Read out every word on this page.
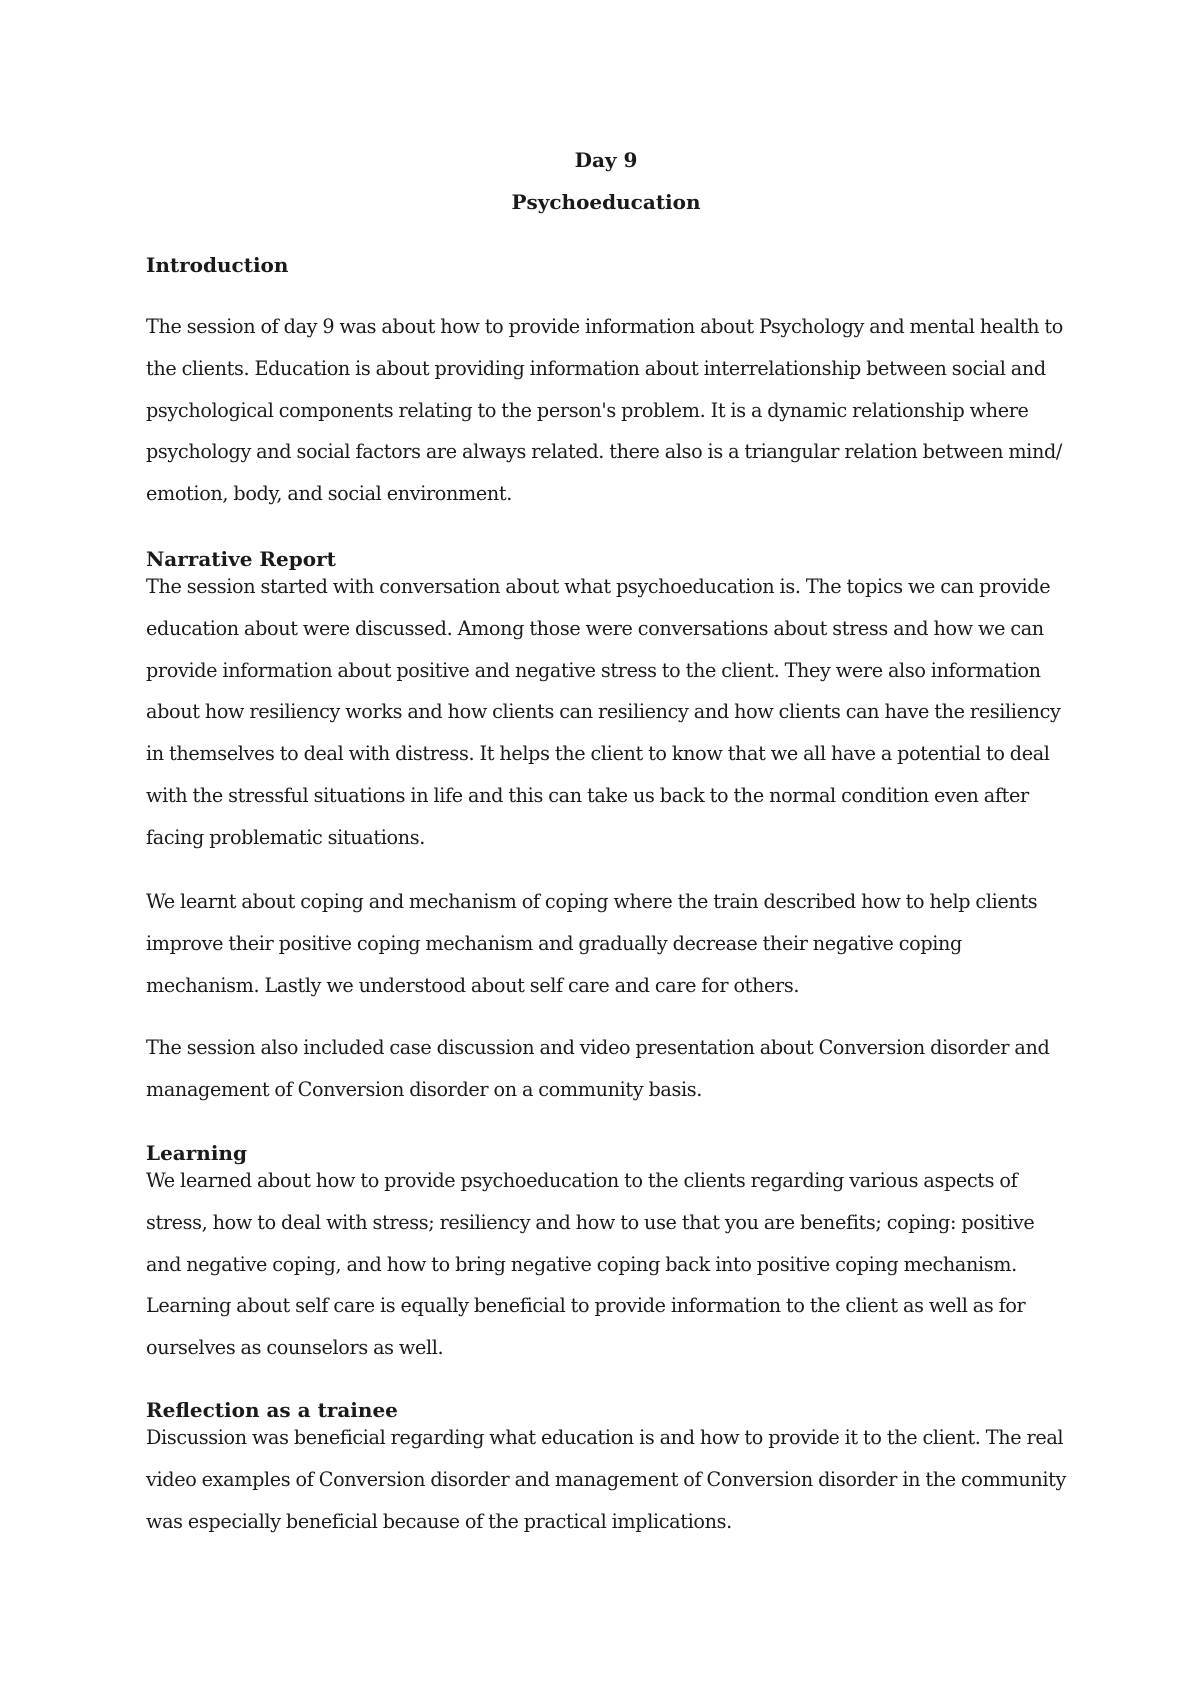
Day 9
Psychoeducation
Introduction
The session of day 9 was about how to provide information about Psychology and mental health to the clients. Education is about providing information about interrelationship between social and psychological components relating to the person's problem. It is a dynamic relationship where psychology and social factors are always related. there also is a triangular relation between mind/ emotion, body, and social environment.
Narrative Report
The session started with conversation about what psychoeducation is. The topics we can provide education about were discussed. Among those were conversations about stress and how we can provide information about positive and negative stress to the client. They were also information about how resiliency works and how clients can resiliency and how clients can have the resiliency in themselves to deal with distress. It helps the client to know that we all have a potential to deal with the stressful situations in life and this can take us back to the normal condition even after facing problematic situations.
We learnt about coping and mechanism of coping where the train described how to help clients improve their positive coping mechanism and gradually decrease their negative coping mechanism. Lastly we understood about self care and care for others.
The session also included case discussion and video presentation about Conversion disorder and management of Conversion disorder on a community basis.
Learning
We learned about how to provide psychoeducation to the clients regarding various aspects of stress, how to deal with stress; resiliency and how to use that you are benefits; coping: positive and negative coping, and how to bring negative coping back into positive coping mechanism. Learning about self care is equally beneficial to provide information to the client as well as for ourselves as counselors as well.
Reflection as a trainee
Discussion was beneficial regarding what education is and how to provide it to the client. The real video examples of Conversion disorder and management of Conversion disorder in the community was especially beneficial because of the practical implications.
